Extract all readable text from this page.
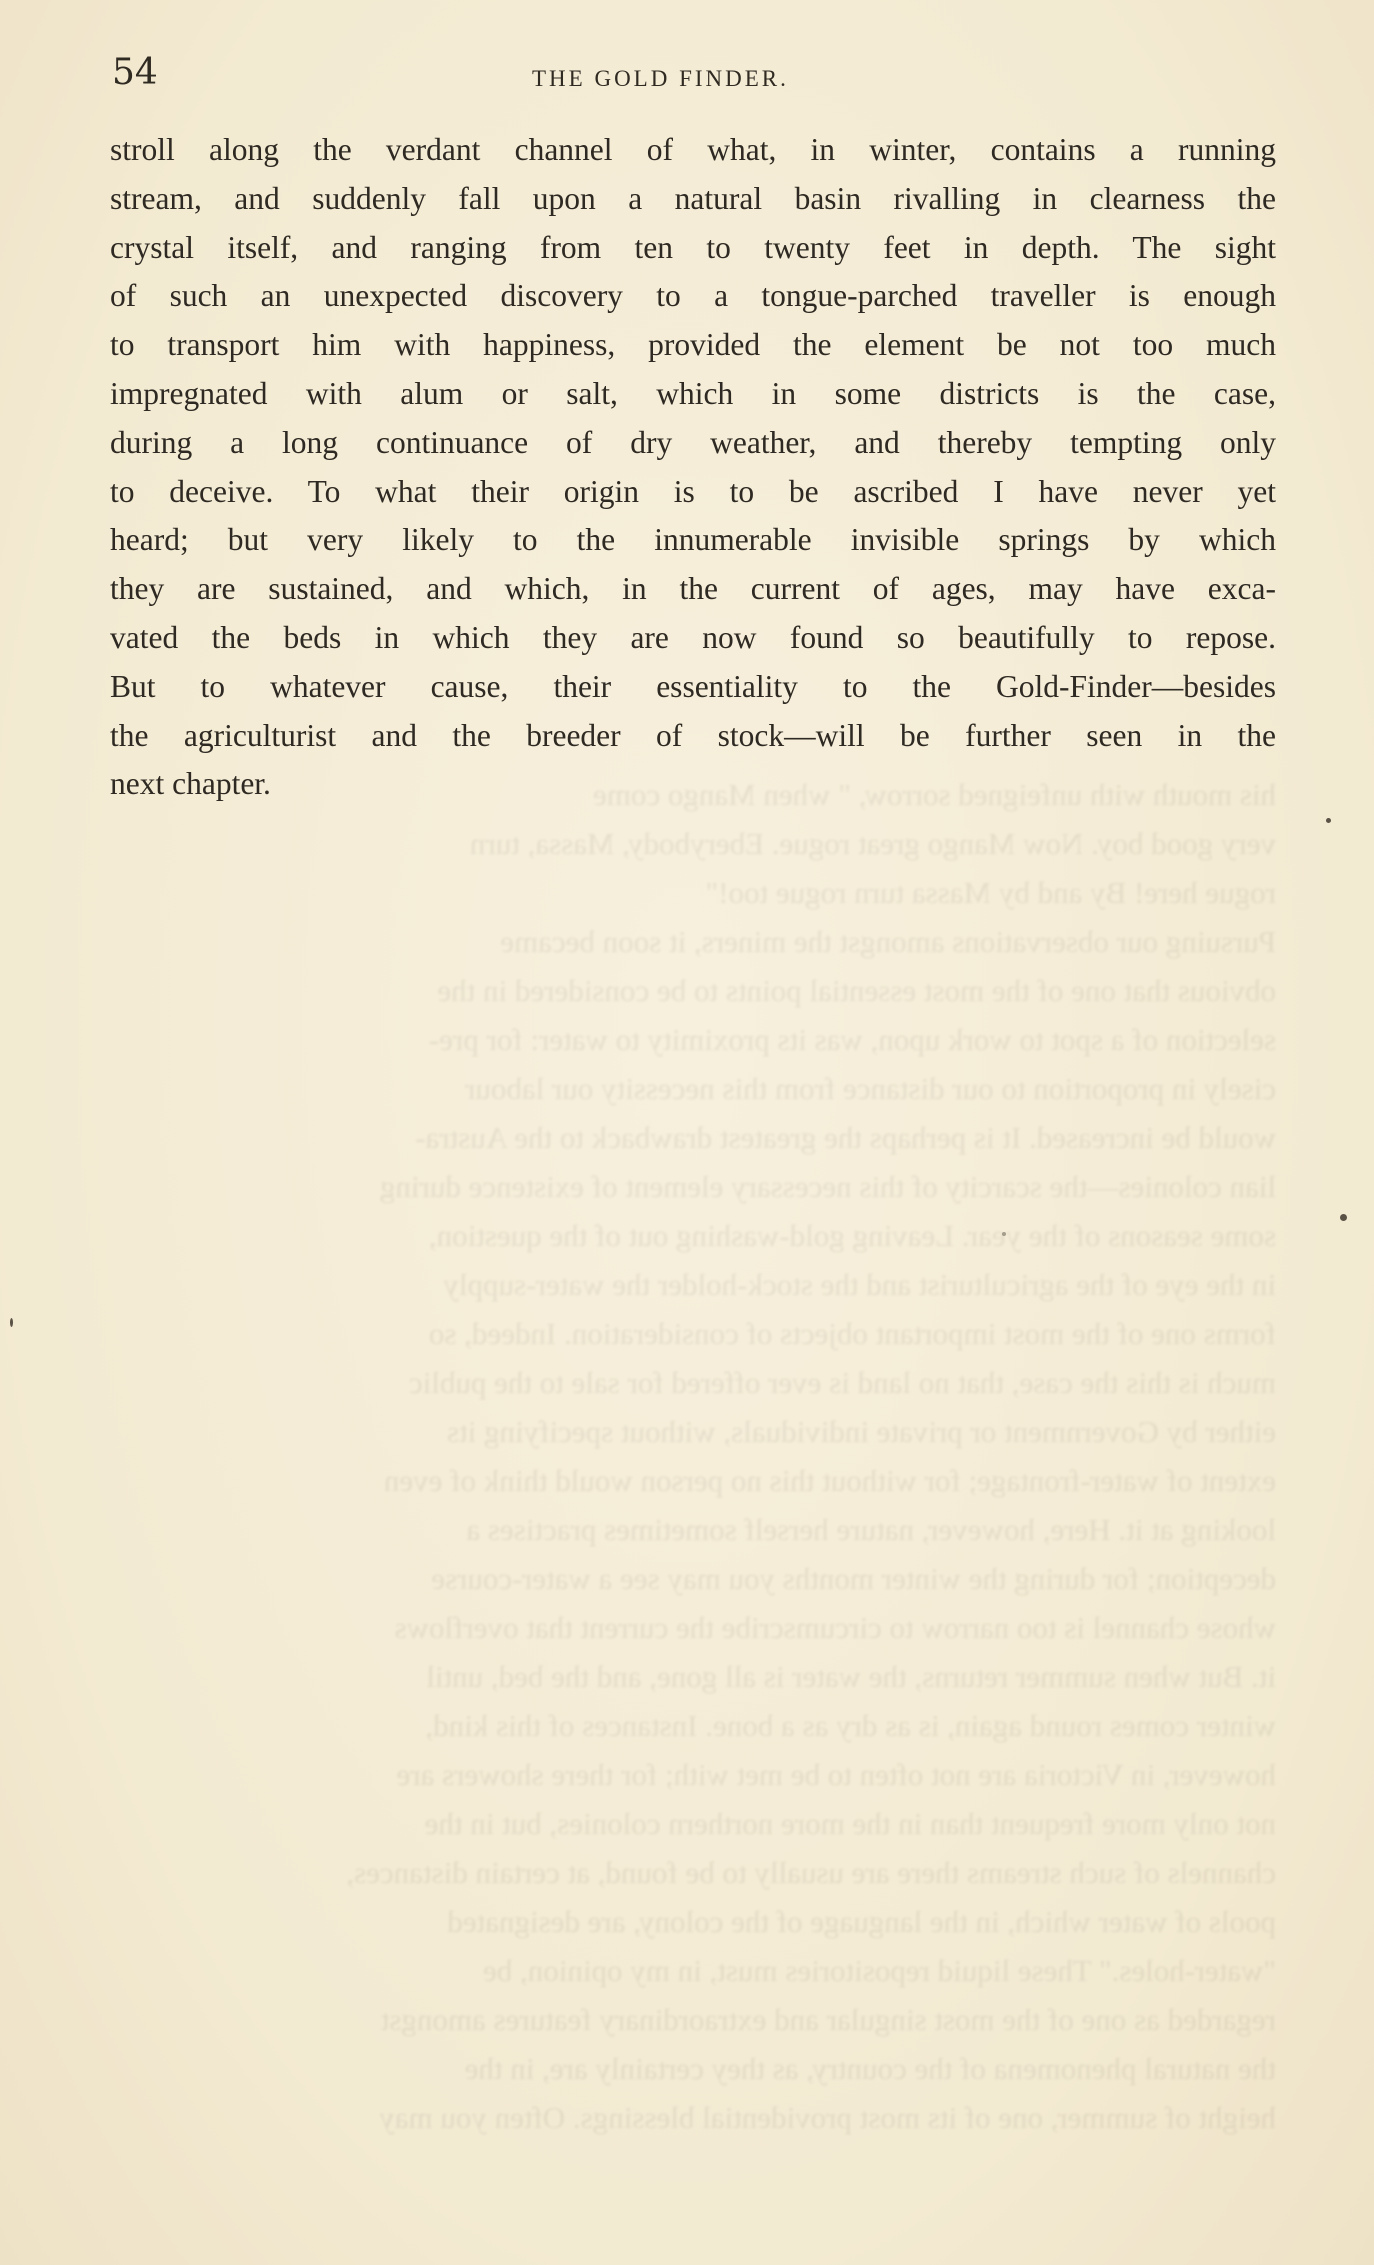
54	THE GOLD FINDER.
his mouth with unfeigned sorrow, " when Mango come
very good boy. Now Mango great rogue. Eberybody, Massa, turn
rogue here! By and by Massa turn rogue too!"
Pursuing our observations amongst the miners, it soon became
obvious that one of the most essential points to be considered in the
selection of a spot to work upon, was its proximity to water: for pre-
cisely in proportion to our distance from this necessity our labour
would be increased. It is perhaps the greatest drawback to the Austra-
lian colonies—the scarcity of this necessary element of existence during
some seasons of the year. Leaving gold-washing out of the question,
in the eye of the agriculturist and the stock-holder the water-supply
forms one of the most important objects of consideration. Indeed, so
much is this the case, that no land is ever offered for sale to the public
either by Government or private individuals, without specifying its
extent of water-frontage; for without this no person would think of even
looking at it. Here, however, nature herself sometimes practises a
deception; for during the winter months you may see a water-course
whose channel is too narrow to circumscribe the current that overflows
it. But when summer returns, the water is all gone, and the bed, until
winter comes round again, is as dry as a bone. Instances of this kind,
however, in Victoria are not often to be met with; for there showers are
not only more frequent than in the more northern colonies, but in the
channels of such streams there are usually to be found, at certain distances,
pools of water which, in the language of the colony, are designated
"water-holes." These liquid repositories must, in my opinion, be
regarded as one of the most singular and extraordinary features amongst
the natural phenomena of the country, as they certainly are, in the
height of summer, one of its most providential blessings. Often you may
stroll along the verdant channel of what, in winter, contains a running
stream, and suddenly fall upon a natural basin rivalling in clearness the
crystal itself, and ranging from ten to twenty feet in depth. The sight
of such an unexpected discovery to a tongue-parched traveller is enough
to transport him with happiness, provided the element be not too much
impregnated with alum or salt, which in some districts is the case,
during a long continuance of dry weather, and thereby tempting only
to deceive. To what their origin is to be ascribed I have never yet
heard; but very likely to the innumerable invisible springs by which
they are sustained, and which, in the current of ages, may have exca-
vated the beds in which they are now found so beautifully to repose.
But to whatever cause, their essentiality to the Gold-Finder—besides
the agriculturist and the breeder of stock—will be further seen in the
next chapter.
